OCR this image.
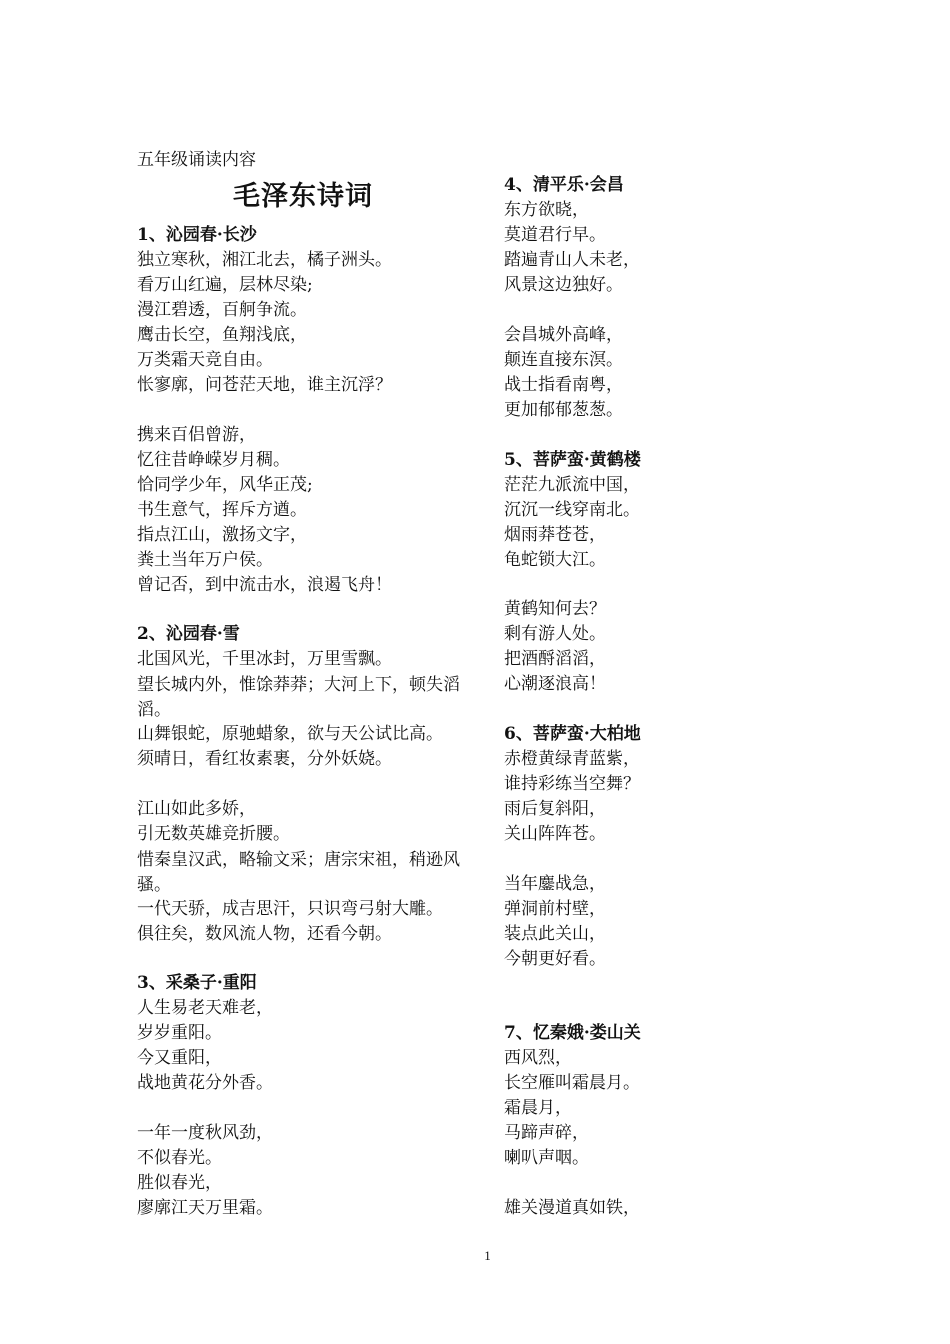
五年级诵读内容
1、沁园春·长沙
独立寒秋，湘江北去，橘子洲头。
看万山红遍，层林尽染;
漫江碧透，百舸争流。
鹰击长空，鱼翔浅底，
万类霜天竞自由。
怅寥廓，问苍茫天地，谁主沉浮？
携来百侣曾游，
忆往昔峥嵘岁月稠。
恰同学少年，风华正茂;
书生意气，挥斥方遒。
指点江山，激扬文字，
粪土当年万户侯。
曾记否，到中流击水，浪遏飞舟！
2、沁园春·雪
北国风光，千里冰封，万里雪飘。
望长城内外，惟馀莽莽；大河上下，顿失滔滔。
山舞银蛇，原驰蜡象，欲与天公试比高。
须晴日，看红妆素裹，分外妖娆。
江山如此多娇，
引无数英雄竞折腰。
惜秦皇汉武，略输文采；唐宗宋祖，稍逊风骚。
一代天骄，成吉思汗，只识弯弓射大雕。
俱往矣，数风流人物，还看今朝。
3、采桑子·重阳
人生易老天难老，
岁岁重阳。
今又重阳，
战地黄花分外香。
一年一度秋风劲，
不似春光。
胜似春光，
廖廓江天万里霜。
毛泽东诗词	4、清平乐·会昌
东方欲晓，
莫道君行早。
踏遍青山人未老，
风景这边独好。
会昌城外高峰，
颠连直接东溟。
战士指看南粤，
更加郁郁葱葱。
5、菩萨蛮·黄鹤楼
茫茫九派流中国，
沉沉一线穿南北。
烟雨莽苍苍，
龟蛇锁大江。
黄鹤知何去？
剩有游人处。
把酒酹滔滔，
心潮逐浪高！
6、菩萨蛮·大柏地
赤橙黄绿青蓝紫，
谁持彩练当空舞？
雨后复斜阳，
关山阵阵苍。
当年鏖战急，
弹洞前村壁，
装点此关山，
今朝更好看。
7、忆秦娥·娄山关
西风烈，
长空雁叫霜晨月。
霜晨月，
马蹄声碎，
喇叭声咽。
雄关漫道真如铁，
1
